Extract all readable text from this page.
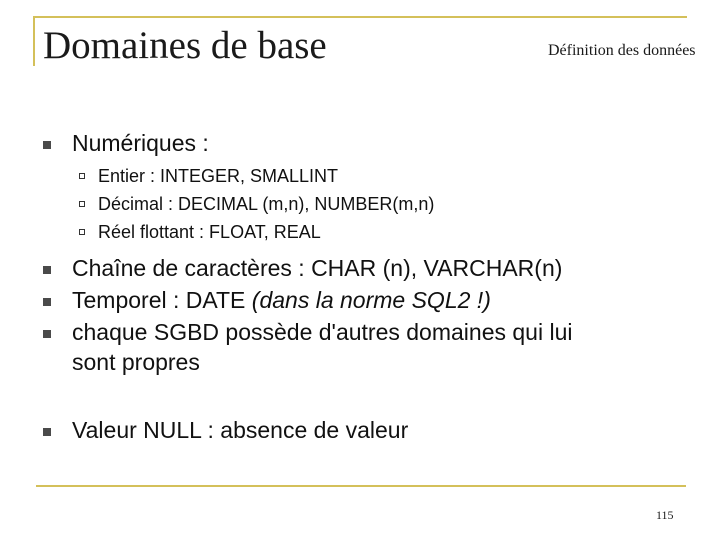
Domaines de base	Définition des données
Numériques :
Entier : INTEGER, SMALLINT
Décimal : DECIMAL (m,n), NUMBER(m,n)
Réel flottant : FLOAT, REAL
Chaîne de caractères : CHAR (n), VARCHAR(n)
Temporel : DATE (dans la norme SQL2 !)
chaque SGBD possède d'autres domaines qui lui
sont propres
Valeur NULL : absence de valeur
115
